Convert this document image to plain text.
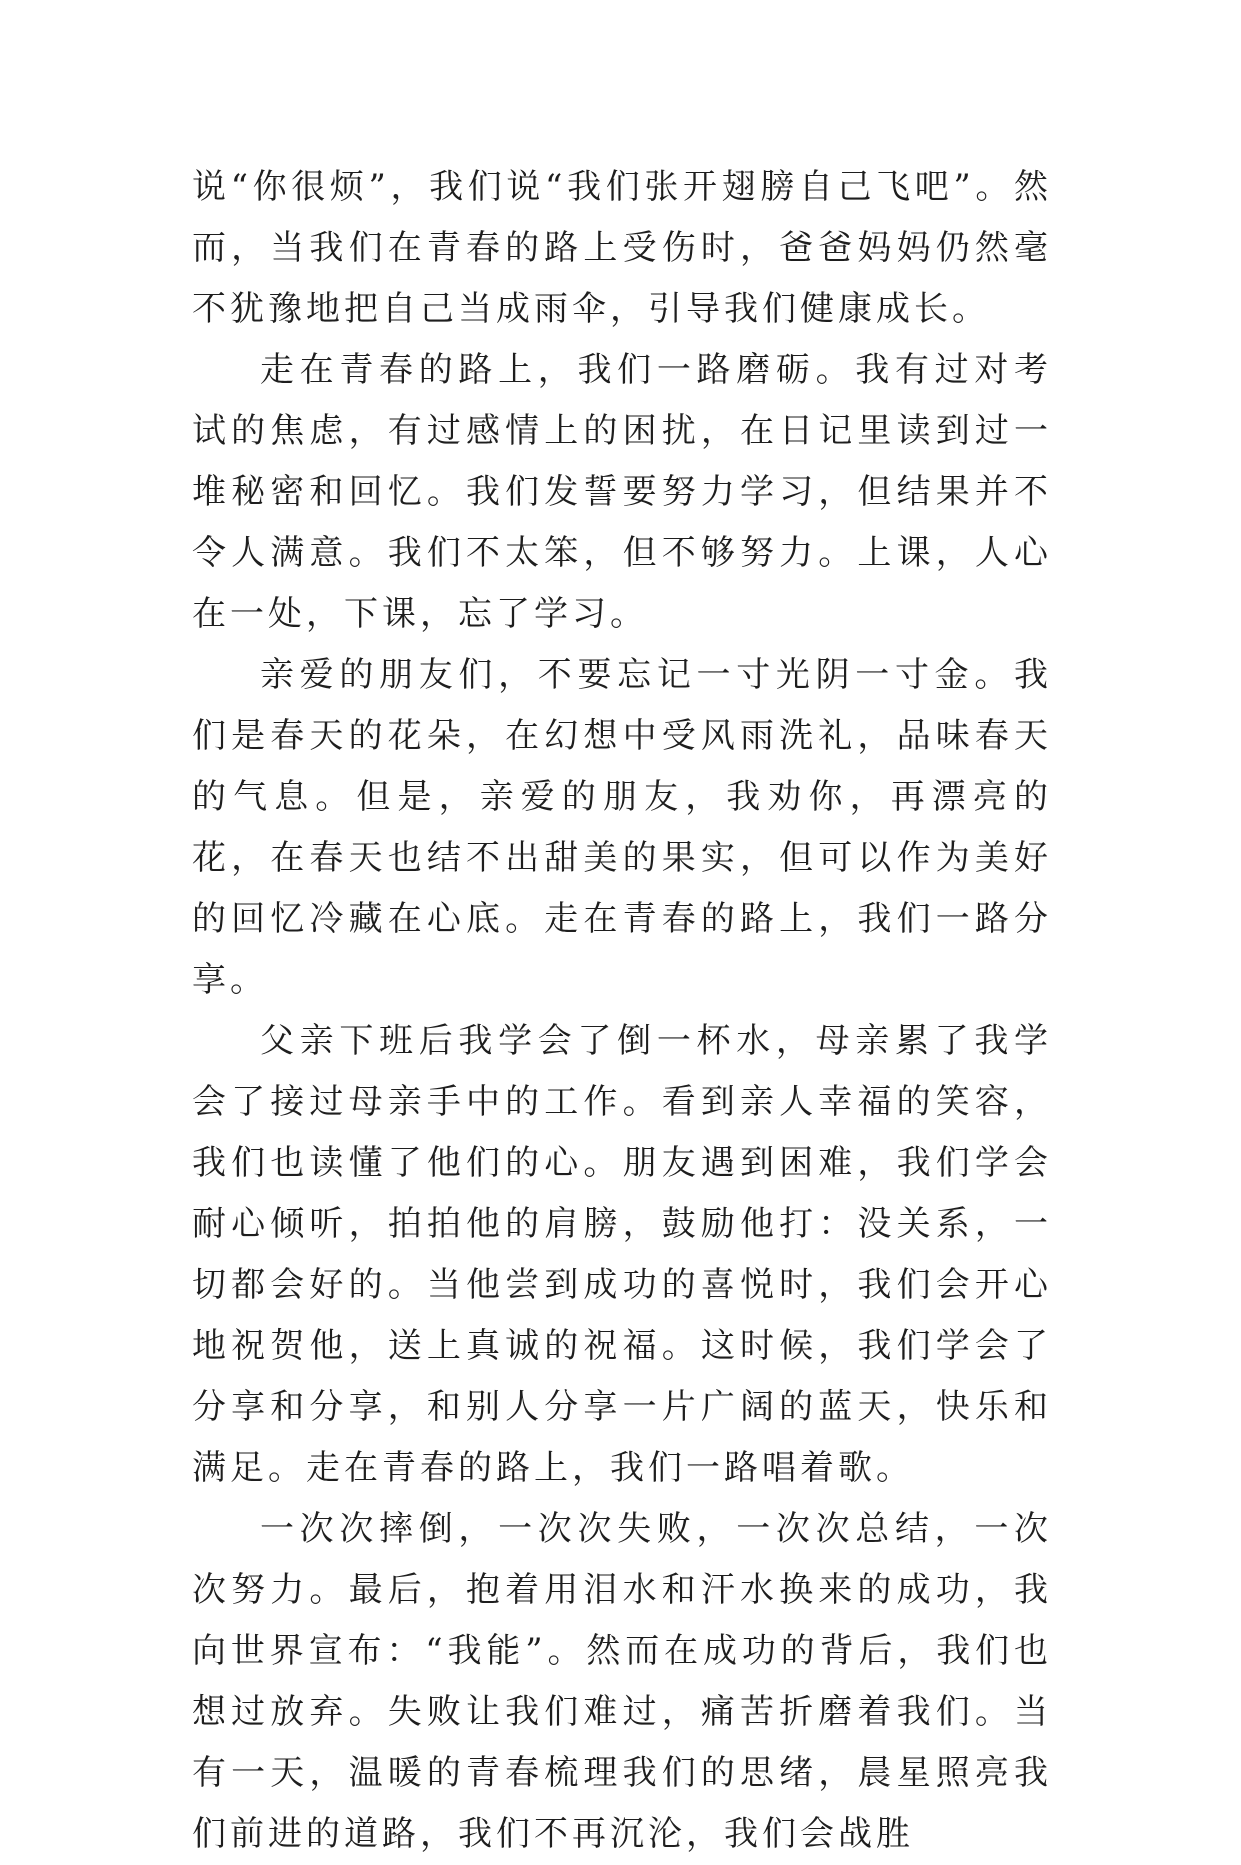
说“你很烦”，我们说“我们张开翅膀自己飞吧”。然而，当我们在青春的路上受伤时，爸爸妈妈仍然毫不犹豫地把自己当成雨伞，引导我们健康成长。

走在青春的路上，我们一路磨砺。我有过对考试的焦虑，有过感情上的困扰，在日记里读到过一堆秘密和回忆。我们发誓要努力学习，但结果并不令人满意。我们不太笨，但不够努力。上课，人心在一处，下课，忘了学习。

亲爱的朋友们，不要忘记一寸光阴一寸金。我们是春天的花朵，在幻想中受风雨洗礼，品味春天的气息。但是，亲爱的朋友，我劝你，再漂亮的花，在春天也结不出甜美的果实，但可以作为美好的回忆冷藏在心底。走在青春的路上，我们一路分享。

父亲下班后我学会了倒一杯水，母亲累了我学会了接过母亲手中的工作。看到亲人幸福的笑容，我们也读懂了他们的心。朋友遇到困难，我们学会耐心倾听，拍拍他的肩膀，鼓励他打：没关系，一切都会好的。当他尝到成功的喜悦时，我们会开心地祝贺他，送上真诚的祝福。这时候，我们学会了分享和分享，和别人分享一片广阔的蓝天，快乐和满足。走在青春的路上，我们一路唱着歌。

一次次摔倒，一次次失败，一次次总结，一次次努力。最后，抱着用泪水和汗水换来的成功，我向世界宣布：“我能”。然而在成功的背后，我们也想过放弃。失败让我们难过，痛苦折磨着我们。当有一天，温暖的青春梳理我们的思绪，晨星照亮我们前进的道路，我们不再沉沦，我们会战胜
